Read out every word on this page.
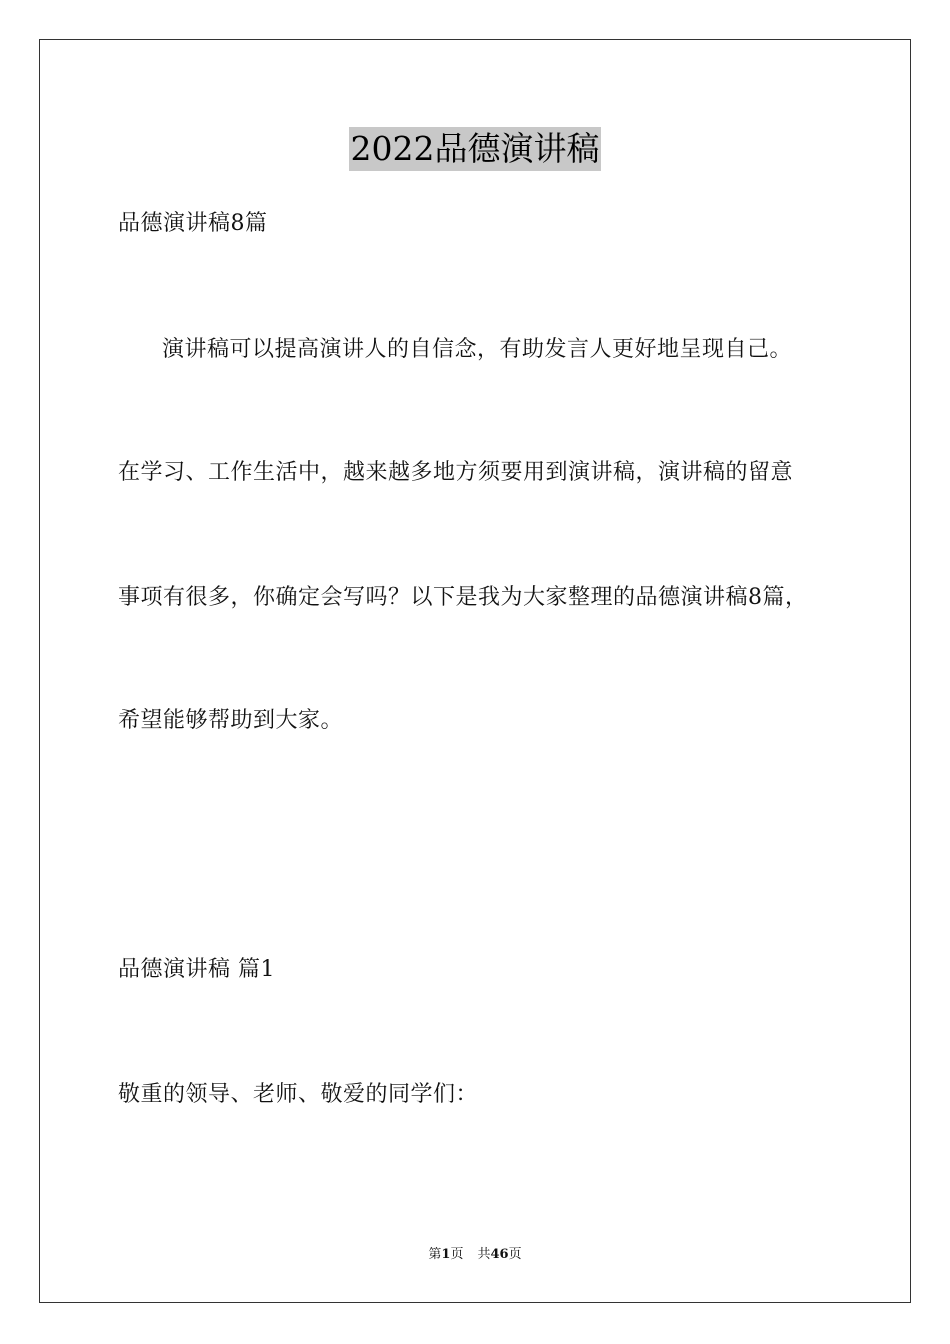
2022品德演讲稿
品德演讲稿8篇
演讲稿可以提高演讲人的自信念，有助发言人更好地呈现自己。
在学习、工作生活中，越来越多地方须要用到演讲稿，演讲稿的留意
事项有很多，你确定会写吗？以下是我为大家整理的品德演讲稿8篇，
希望能够帮助到大家。
品德演讲稿 篇1
敬重的领导、老师、敬爱的同学们：
第1页 共46页
